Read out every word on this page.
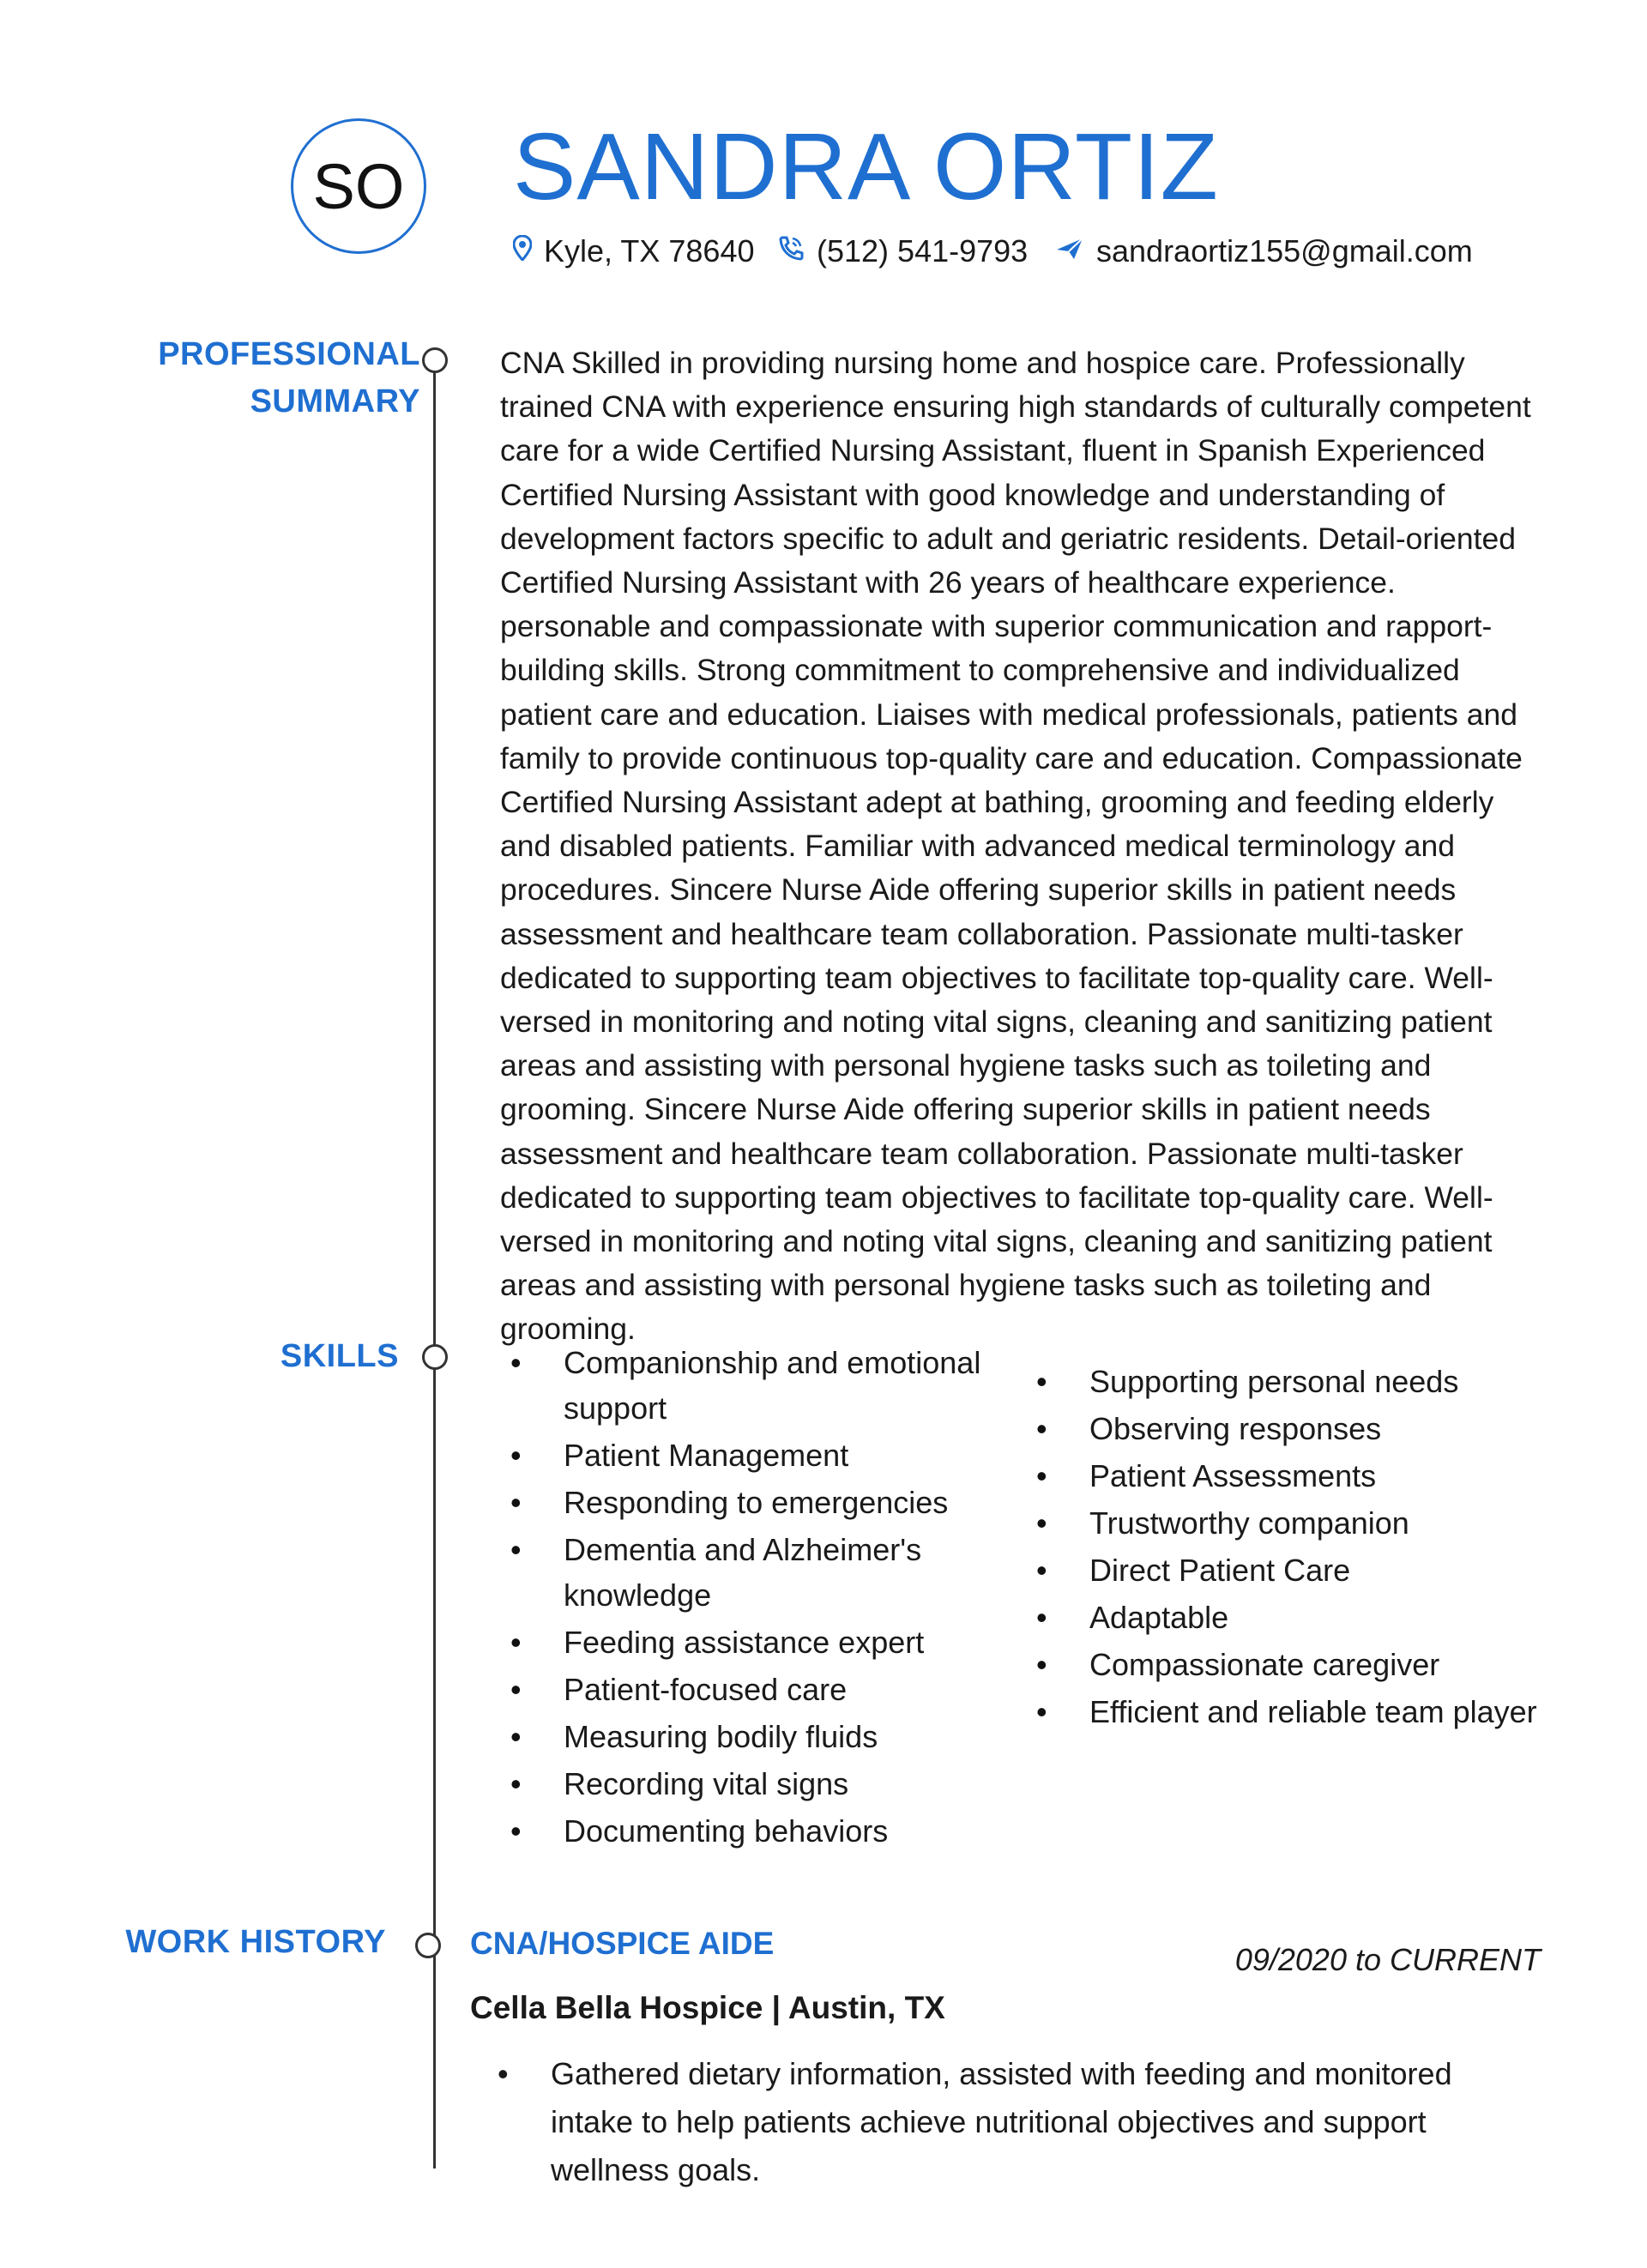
SO SANDRA ORTIZ
Kyle, TX 78640 (512) 541-9793 sandraortiz155@gmail.com
PROFESSIONAL
SUMMARY
CNA Skilled in providing nursing home and hospice care. Professionally trained CNA with experience ensuring high standards of culturally competent care for a wide Certified Nursing Assistant, fluent in Spanish Experienced Certified Nursing Assistant with good knowledge and understanding of development factors specific to adult and geriatric residents. Detail-oriented Certified Nursing Assistant with 26 years of healthcare experience. personable and compassionate with superior communication and rapport-building skills. Strong commitment to comprehensive and individualized patient care and education. Liaises with medical professionals, patients and family to provide continuous top-quality care and education. Compassionate Certified Nursing Assistant adept at bathing, grooming and feeding elderly and disabled patients. Familiar with advanced medical terminology and procedures. Sincere Nurse Aide offering superior skills in patient needs assessment and healthcare team collaboration. Passionate multi-tasker dedicated to supporting team objectives to facilitate top-quality care. Well-versed in monitoring and noting vital signs, cleaning and sanitizing patient areas and assisting with personal hygiene tasks such as toileting and grooming. Sincere Nurse Aide offering superior skills in patient needs assessment and healthcare team collaboration. Passionate multi-tasker dedicated to supporting team objectives to facilitate top-quality care. Well-versed in monitoring and noting vital signs, cleaning and sanitizing patient areas and assisting with personal hygiene tasks such as toileting and grooming.
SKILLS
•	Companionship and emotional support
• Patient Management
• Responding to emergencies
• Dementia and Alzheimer's knowledge
• Feeding assistance expert
• Patient-focused care
• Measuring bodily fluids
• Recording vital signs
• Documenting behaviors
• Supporting personal needs
• Observing responses
• Patient Assessments
• Trustworthy companion
• Direct Patient Care
• Adaptable
• Compassionate caregiver
• Efficient and reliable team player
WORK HISTORY	CNA/HOSPICE AIDE	09/2020 to CURRENT
Cella Bella Hospice | Austin, TX
• Gathered dietary information, assisted with feeding and monitored intake to help patients achieve nutritional objectives and support wellness goals.
